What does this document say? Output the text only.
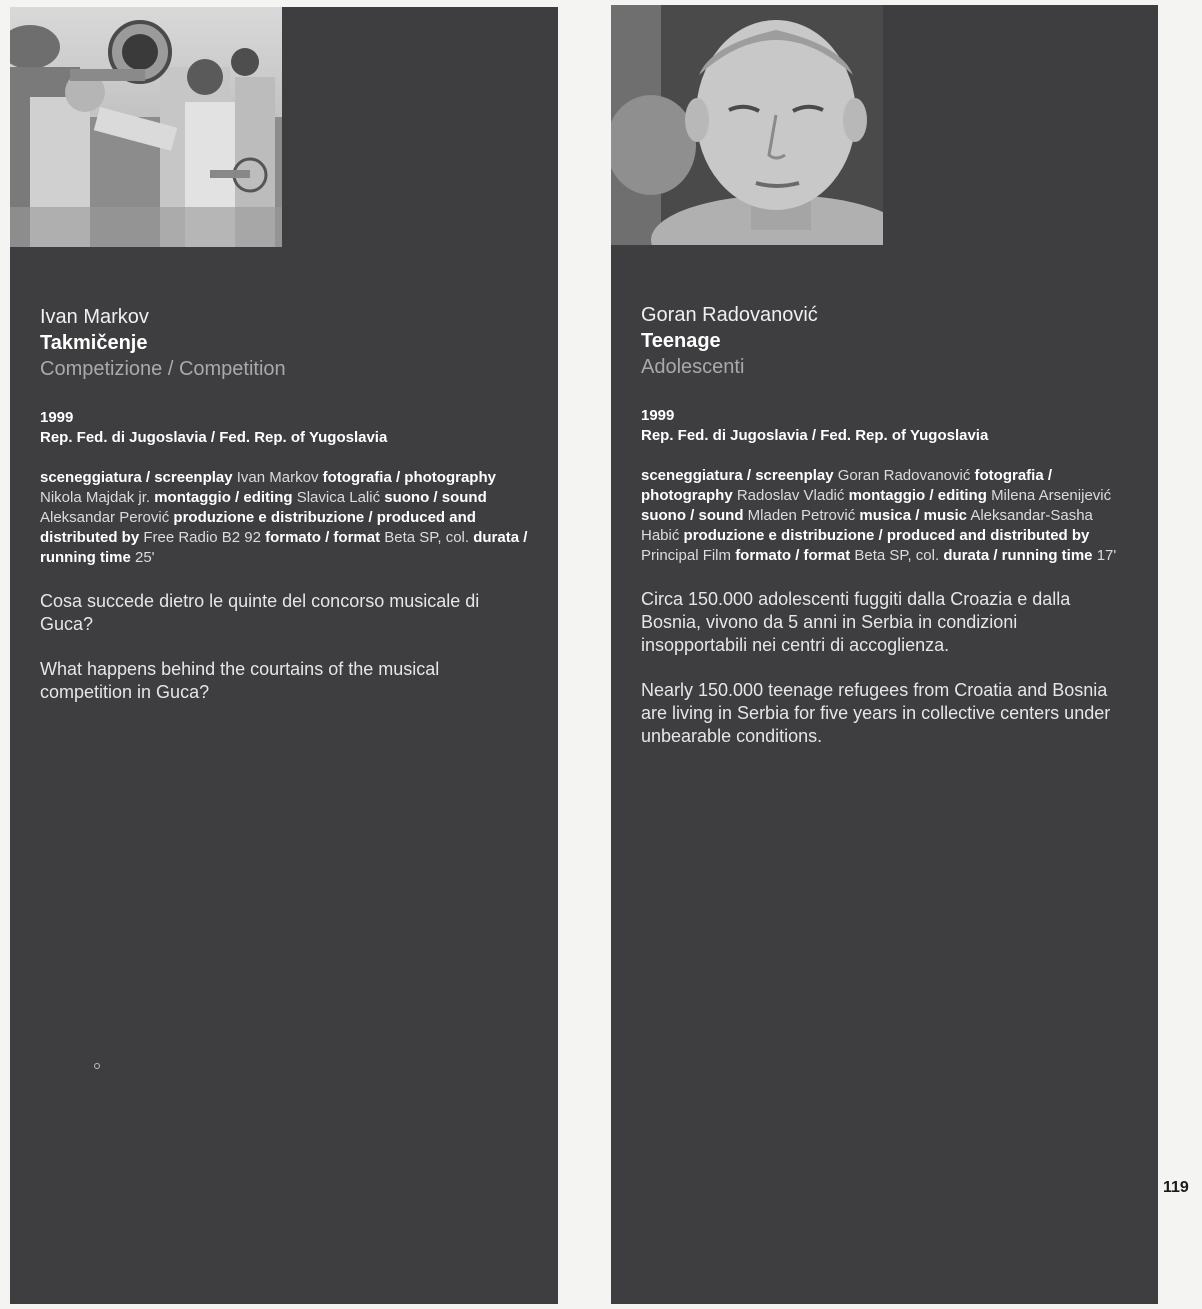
Ivan Markov
Takmičenje
Competizione / Competition
1999
Rep. Fed. di Jugoslavia / Fed. Rep. of Yugoslavia
sceneggiatura / screenplay Ivan Markov fotografia / photography Nikola Majdak jr. montaggio / editing Slavica Lalić suono / sound Aleksandar Perović produzione e distribuzione / produced and distributed by Free Radio B2 92 formato / format Beta SP, col. durata / running time 25'

Cosa succede dietro le quinte del concorso musicale di Guca?

What happens behind the courtains of the musical competition in Guca?

Goran Radovanović
Teenage
Adolescenti
1999
Rep. Fed. di Jugoslavia / Fed. Rep. of Yugoslavia
sceneggiatura / screenplay Goran Radovanović fotografia / photography Radoslav Vladić montaggio / editing Milena Arsenijević suono / sound Mladen Petrović musica / music Aleksandar-Sasha Habić produzione e distribuzione / produced and distributed by Principal Film formato / format Beta SP, col. durata / running time 17'

Circa 150.000 adolescenti fuggiti dalla Croazia e dalla Bosnia, vivono da 5 anni in Serbia in condizioni insopportabili nei centri di accoglienza.

Nearly 150.000 teenage refugees from Croatia and Bosnia are living in Serbia for five years in collective centers under unbearable conditions.

119
